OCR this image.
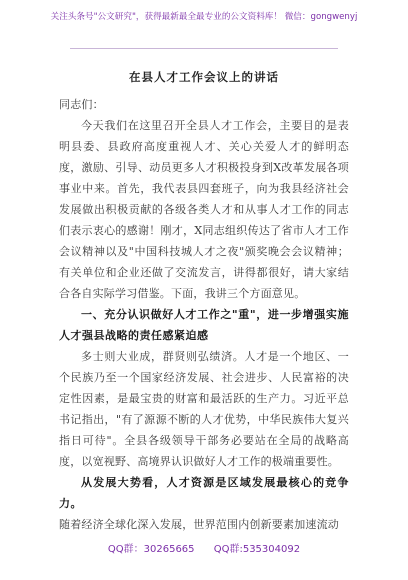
关注头条号"公文研究"，获得最新最全最专业的公文资料库！ 微信：gongwenyj
在县人才工作会议上的讲话

同志们：

今天我们在这里召开全县人才工作会，主要目的是表明县委、县政府高度重视人才、关心关爱人才的鲜明态度，激励、引导、动员更多人才积极投身到X改革发展各项事业中来。首先，我代表县四套班子，向为我县经济社会发展做出积极贡献的各级各类人才和从事人才工作的同志们表示衷心的感谢！刚才，X同志组织传达了省市人才工作会议精神以及"中国科技城人才之夜"颁奖晚会会议精神；有关单位和企业还做了交流发言，讲得都很好，请大家结合各自实际学习借鉴。下面，我讲三个方面意见。

一、充分认识做好人才工作之"重"，进一步增强实施人才强县战略的责任感紧迫感

多士则大业成，群贤则弘绩済。人才是一个地区、一个民族乃至一个国家经济发展、社会进步、人民富裕的决定性因素，是最宝贵的财富和最活跃的生产力。习近平总书记指出，"有了源源不断的人才优势，中华民族伟大复兴指日可待"。全县各级领导干部务必要站在全局的战略高度，以宽视野、高境界认识做好人才工作的极端重要性。

从发展大势看，人才资源是区域发展最核心的竞争力。

随着经济全球化深入发展，世界范围内创新要素加速流动

QQ群：30265665 QQ群:535304092
